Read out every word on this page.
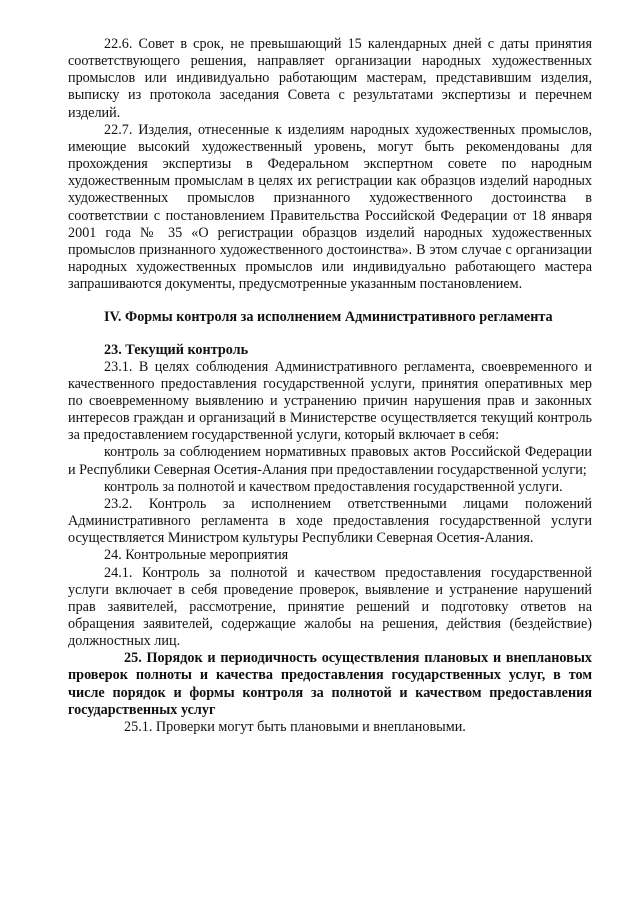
22.6. Совет в срок, не превышающий 15 календарных дней с даты принятия соответствующего решения, направляет организации народных художественных промыслов или индивидуально работающим мастерам, представившим изделия, выписку из протокола заседания Совета с результатами экспертизы и перечнем изделий.

22.7. Изделия, отнесенные к изделиям народных художественных промыслов, имеющие высокий художественный уровень, могут быть рекомендованы для прохождения экспертизы в Федеральном экспертном совете по народным художественным промыслам в целях их регистрации как образцов изделий народных художественных промыслов признанного художественного достоинства в соответствии с постановлением Правительства Российской Федерации от 18 января 2001 года № 35 «О регистрации образцов изделий народных художественных промыслов признанного художественного достоинства». В этом случае с организации народных художественных промыслов или индивидуально работающего мастера запрашиваются документы, предусмотренные указанным постановлением.

IV. Формы контроля за исполнением Административного регламента

23. Текущий контроль

23.1. В целях соблюдения Административного регламента, своевременного и качественного предоставления государственной услуги, принятия оперативных мер по своевременному выявлению и устранению причин нарушения прав и законных интересов граждан и организаций в Министерстве осуществляется текущий контроль за предоставлением государственной услуги, который включает в себя:

контроль за соблюдением нормативных правовых актов Российской Федерации и Республики Северная Осетия-Алания при предоставлении государственной услуги;

контроль за полнотой и качеством предоставления государственной услуги.

23.2. Контроль за исполнением ответственными лицами положений Административного регламента в ходе предоставления государственной услуги осуществляется Министром культуры Республики Северная Осетия-Алания.

24. Контрольные мероприятия

24.1. Контроль за полнотой и качеством предоставления государственной услуги включает в себя проведение проверок, выявление и устранение нарушений прав заявителей, рассмотрение, принятие решений и подготовку ответов на обращения заявителей, содержащие жалобы на решения, действия (бездействие) должностных лиц.

25. Порядок и периодичность осуществления плановых и внеплановых проверок полноты и качества предоставления государственных услуг, в том числе порядок и формы контроля за полнотой и качеством предоставления государственных услуг

25.1. Проверки могут быть плановыми и внеплановыми.
